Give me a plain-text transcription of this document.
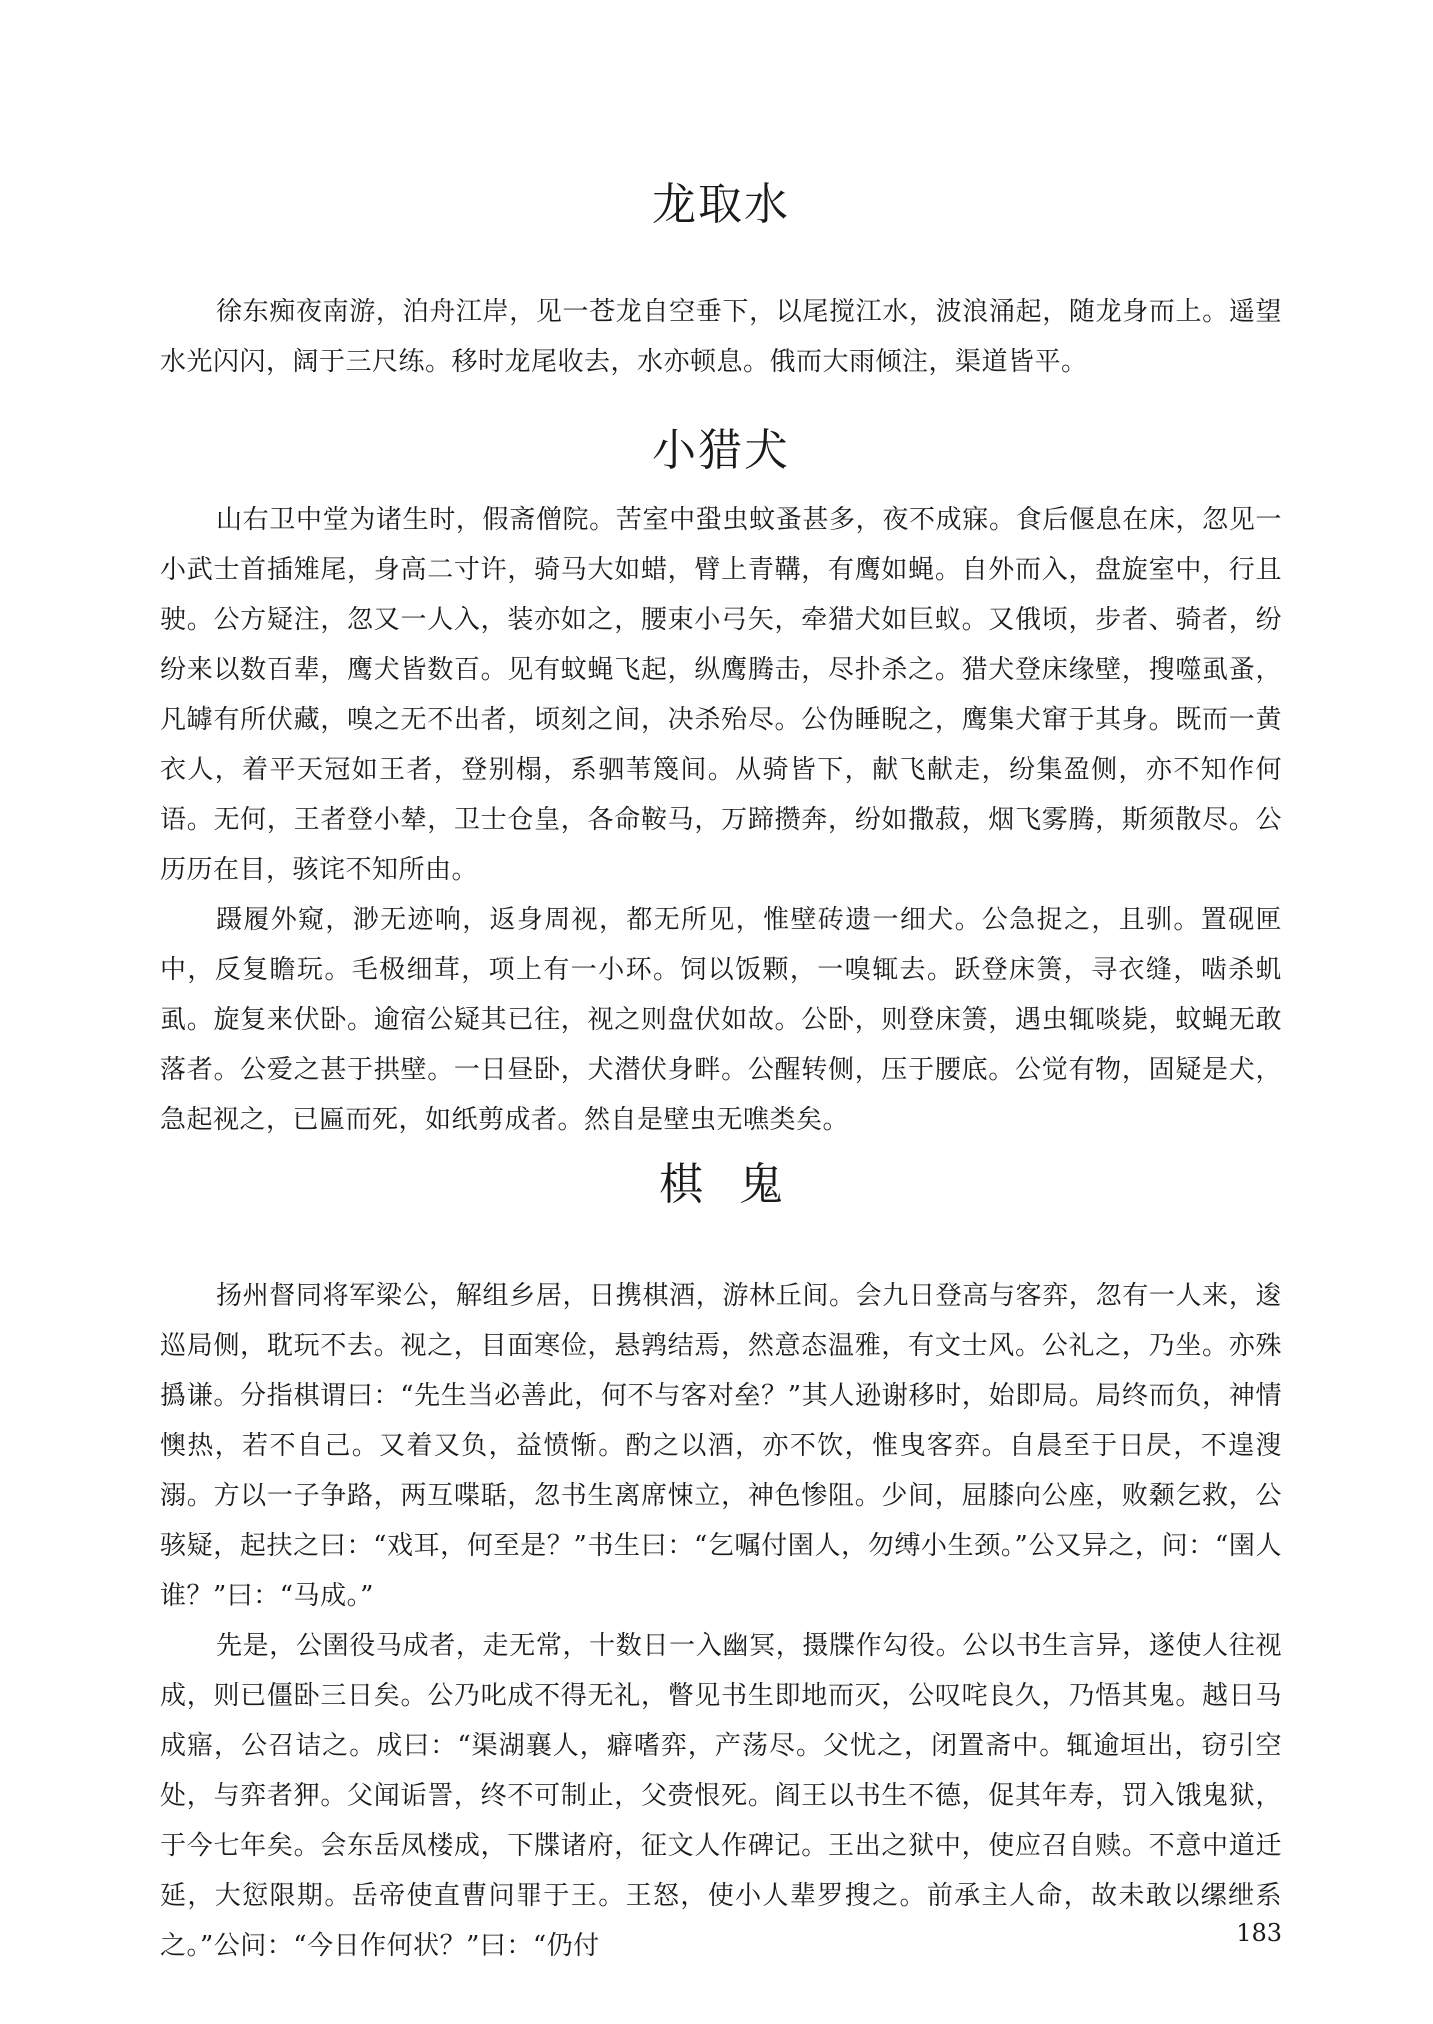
龙取水

徐东痴夜南游，泊舟江岸，见一苍龙自空垂下，以尾搅江水，波浪涌起，随龙身而上。遥望水光闪闪，阔于三尺练。移时龙尾收去，水亦顿息。俄而大雨倾注，渠道皆平。

小猎犬

山右卫中堂为诸生时，假斋僧院。苦室中蛩虫蚊蚤甚多，夜不成寐。食后偃息在床，忽见一小武士首插雉尾，身高二寸许，骑马大如蜡，臂上青鞲，有鹰如蝇。自外而入，盘旋室中，行且驶。公方疑注，忽又一人入，装亦如之，腰束小弓矢，牵猎犬如巨蚁。又俄顷，步者、骑者，纷纷来以数百辈，鹰犬皆数百。见有蚊蝇飞起，纵鹰腾击，尽扑杀之。猎犬登床缘壁，搜噬虱蚤，凡罅有所伏藏，嗅之无不出者，顷刻之间，决杀殆尽。公伪睡睨之，鹰集犬窜于其身。既而一黄衣人，着平天冠如王者，登别榻，系驷苇篾间。从骑皆下，献飞献走，纷集盈侧，亦不知作何语。无何，王者登小辇，卫士仓皇，各命鞍马，万蹄攒奔，纷如撒菽，烟飞雾腾，斯须散尽。公历历在目，骇诧不知所由。

蹑履外窥，渺无迹响，返身周视，都无所见，惟壁砖遗一细犬。公急捉之，且驯。置砚匣中，反复瞻玩。毛极细茸，项上有一小环。饲以饭颗，一嗅辄去。跃登床箦，寻衣缝，啮杀虮虱。旋复来伏卧。逾宿公疑其已往，视之则盘伏如故。公卧，则登床箦，遇虫辄啖毙，蚊蝇无敢落者。公爱之甚于拱壁。一日昼卧，犬潜伏身畔。公醒转侧，压于腰底。公觉有物，固疑是犬，急起视之，已匾而死，如纸剪成者。然自是壁虫无噍类矣。

棋鬼

扬州督同将军梁公，解组乡居，日携棋酒，游林丘间。会九日登高与客弈，忽有一人来，逡巡局侧，耽玩不去。视之，目面寒俭，悬鹑结焉，然意态温雅，有文士风。公礼之，乃坐。亦殊撝谦。分指棋谓曰：“先生当必善此，何不与客对垒？”其人逊谢移时，始即局。局终而负，神情懊热，若不自己。又着又负，益愤惭。酌之以酒，亦不饮，惟曳客弈。自晨至于日昃，不遑溲溺。方以一子争路，两互喋聒，忽书生离席悚立，神色惨阻。少间，屈膝向公座，败颡乞救，公骇疑，起扶之曰：“戏耳，何至是？”书生曰：“乞嘱付圉人，勿缚小生颈。”公又异之，问：“圉人谁？”曰：“马成。”

先是，公圉役马成者，走无常，十数日一入幽冥，摄牒作勾役。公以书生言异，遂使人往视成，则已僵卧三日矣。公乃叱成不得无礼，瞥见书生即地而灭，公叹咤良久，乃悟其鬼。越日马成寤，公召诘之。成曰：“渠湖襄人，癖嗜弈，产荡尽。父忧之，闭置斋中。辄逾垣出，窃引空处，与弈者狎。父闻诟詈，终不可制止，父赍恨死。阎王以书生不德，促其年寿，罚入饿鬼狱，于今七年矣。会东岳凤楼成，下牒诸府，征文人作碑记。王出之狱中，使应召自赎。不意中道迁延，大愆限期。岳帝使直曹问罪于王。王怒，使小人辈罗搜之。前承主人命，故未敢以缧绁系之。”公问：“今日作何状？”曰：“仍付	183
